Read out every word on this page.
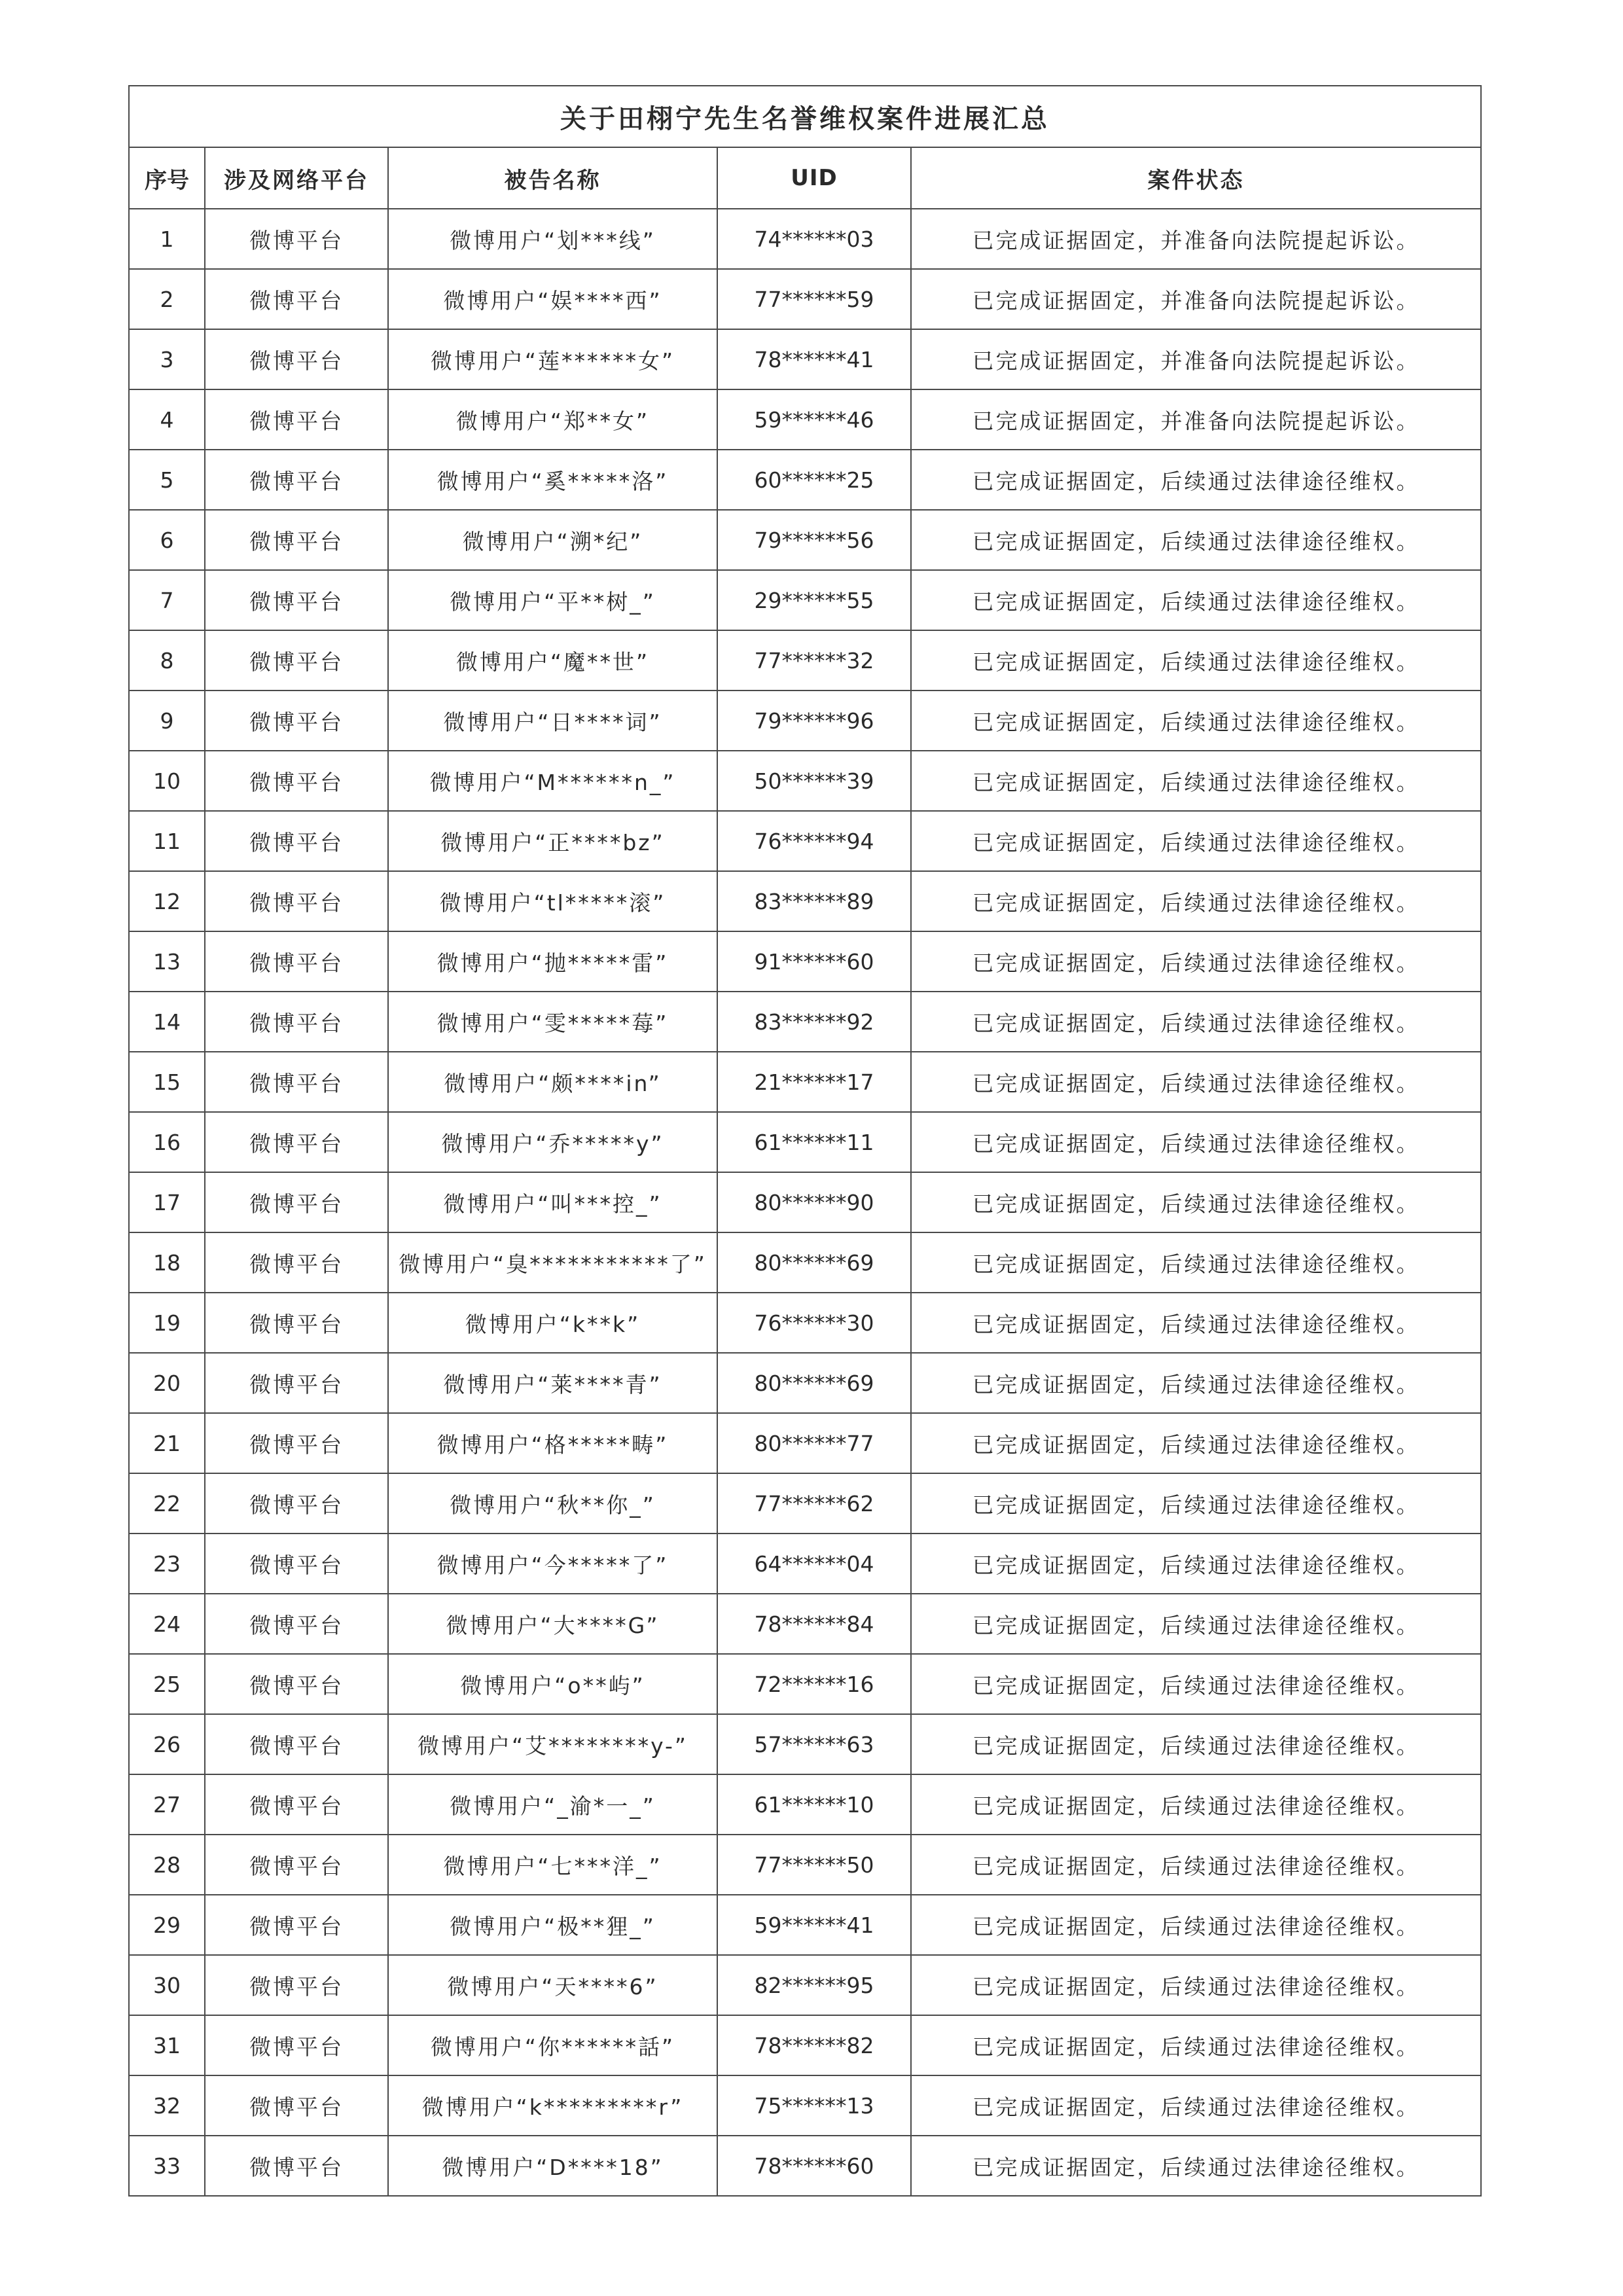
关于田栩宁先生名誉维权案件进展汇总				
序号	涉及网络平台	被告名称	UID	案件状态
1	微博平台	微博用户“划***线”	74******03	已完成证据固定，并准备向法院提起诉讼。
2	微博平台	微博用户“娱****西”	77******59	已完成证据固定，并准备向法院提起诉讼。
3	微博平台	微博用户“莲******女”	78******41	已完成证据固定，并准备向法院提起诉讼。
4	微博平台	微博用户“郑**女”	59******46	已完成证据固定，并准备向法院提起诉讼。
5	微博平台	微博用户“奚*****洛”	60******25	已完成证据固定，后续通过法律途径维权。
6	微博平台	微博用户“溯*纪”	79******56	已完成证据固定，后续通过法律途径维权。
7	微博平台	微博用户“平**树_”	29******55	已完成证据固定，后续通过法律途径维权。
8	微博平台	微博用户“魔**世”	77******32	已完成证据固定，后续通过法律途径维权。
9	微博平台	微博用户“日****词”	79******96	已完成证据固定，后续通过法律途径维权。
10	微博平台	微博用户“M******n_”	50******39	已完成证据固定，后续通过法律途径维权。
11	微博平台	微博用户“正****bz”	76******94	已完成证据固定，后续通过法律途径维权。
12	微博平台	微博用户“tl*****滚”	83******89	已完成证据固定，后续通过法律途径维权。
13	微博平台	微博用户“抛*****雷”	91******60	已完成证据固定，后续通过法律途径维权。
14	微博平台	微博用户“雯*****莓”	83******92	已完成证据固定，后续通过法律途径维权。
15	微博平台	微博用户“颇****in”	21******17	已完成证据固定，后续通过法律途径维权。
16	微博平台	微博用户“乔*****y”	61******11	已完成证据固定，后续通过法律途径维权。
17	微博平台	微博用户“叫***控_”	80******90	已完成证据固定，后续通过法律途径维权。
18	微博平台	微博用户“臭***********了”	80******69	已完成证据固定，后续通过法律途径维权。
19	微博平台	微博用户“k**k”	76******30	已完成证据固定，后续通过法律途径维权。
20	微博平台	微博用户“莱****青”	80******69	已完成证据固定，后续通过法律途径维权。
21	微博平台	微博用户“格*****畴”	80******77	已完成证据固定，后续通过法律途径维权。
22	微博平台	微博用户“秋**你_”	77******62	已完成证据固定，后续通过法律途径维权。
23	微博平台	微博用户“今*****了”	64******04	已完成证据固定，后续通过法律途径维权。
24	微博平台	微博用户“大****G”	78******84	已完成证据固定，后续通过法律途径维权。
25	微博平台	微博用户“o**屿”	72******16	已完成证据固定，后续通过法律途径维权。
26	微博平台	微博用户“艾********y-”	57******63	已完成证据固定，后续通过法律途径维权。
27	微博平台	微博用户“_渝*一_”	61******10	已完成证据固定，后续通过法律途径维权。
28	微博平台	微博用户“七***洋_”	77******50	已完成证据固定，后续通过法律途径维权。
29	微博平台	微博用户“极**狸_”	59******41	已完成证据固定，后续通过法律途径维权。
30	微博平台	微博用户“天****6”	82******95	已完成证据固定，后续通过法律途径维权。
31	微博平台	微博用户“你******話”	78******82	已完成证据固定，后续通过法律途径维权。
32	微博平台	微博用户“k*********r”	75******13	已完成证据固定，后续通过法律途径维权。
33	微博平台	微博用户“D****18”	78******60	已完成证据固定，后续通过法律途径维权。
